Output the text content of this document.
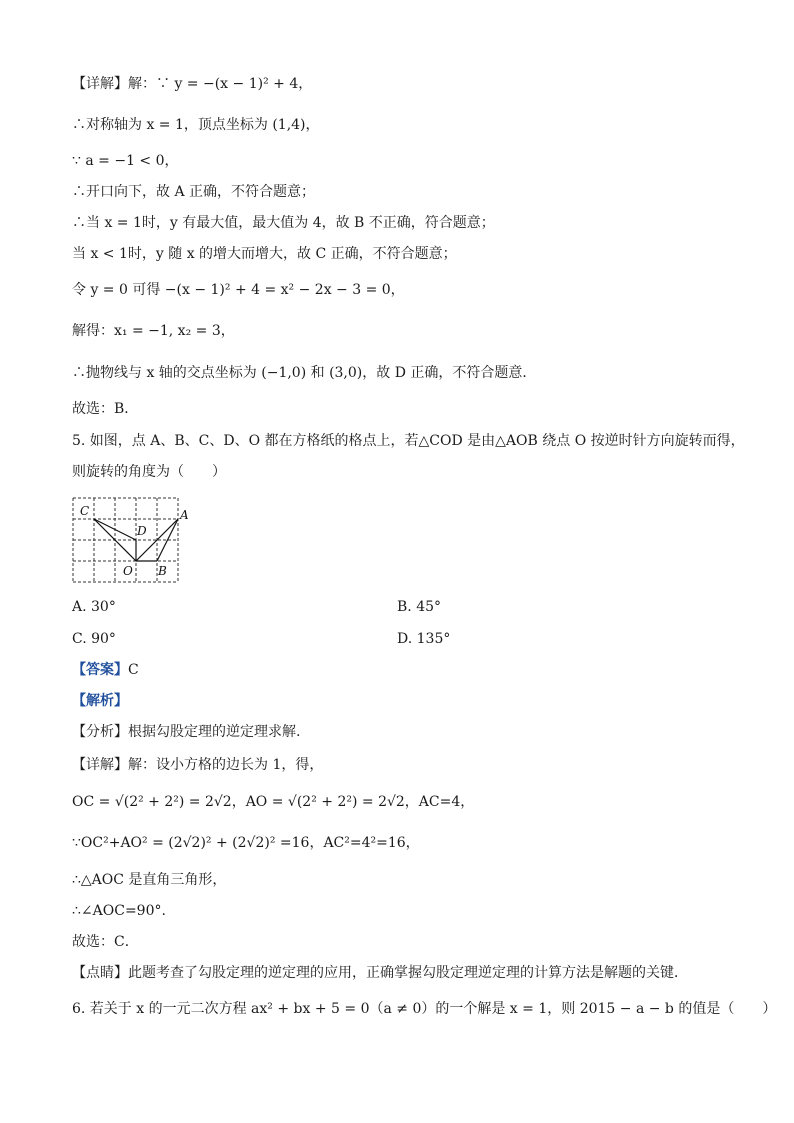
【详解】解：∵ y = −(x − 1)² + 4，
∴对称轴为 x = 1，顶点坐标为 (1,4)，
∵ a = −1 < 0，
∴开口向下，故 A 正确，不符合题意；
∴当 x = 1时，y 有最大值，最大值为 4，故 B 不正确，符合题意；
当 x < 1时，y 随 x 的增大而增大，故 C 正确，不符合题意；
令 y = 0 可得 −(x − 1)² + 4 = x² − 2x − 3 = 0，
解得：x₁ = −1, x₂ = 3，
∴抛物线与 x 轴的交点坐标为 (−1,0) 和 (3,0)，故 D 正确，不符合题意．
故选：B．
5. 如图，点 A、B、C、D、O 都在方格纸的格点上，若△COD 是由△AOB 绕点 O 按逆时针方向旋转而得，
则旋转的角度为（　　）
C
D
A
O B
A. 30°	B. 45°
C. 90°	D. 135°
【答案】C
【解析】
【分析】根据勾股定理的逆定理求解.
【详解】解：设小方格的边长为 1，得，
OC = √(2² + 2²) = 2√2，AO = √(2² + 2²) = 2√2，AC=4，
∵OC²+AO² = (2√2)² + (2√2)² =16，AC²=4²=16，
∴△AOC 是直角三角形，
∴∠AOC=90°.
故选：C．
【点睛】此题考查了勾股定理的逆定理的应用，正确掌握勾股定理逆定理的计算方法是解题的关键．
6. 若关于 x 的一元二次方程 ax² + bx + 5 = 0（a ≠ 0）的一个解是 x = 1，则 2015 − a − b 的值是（　　）
